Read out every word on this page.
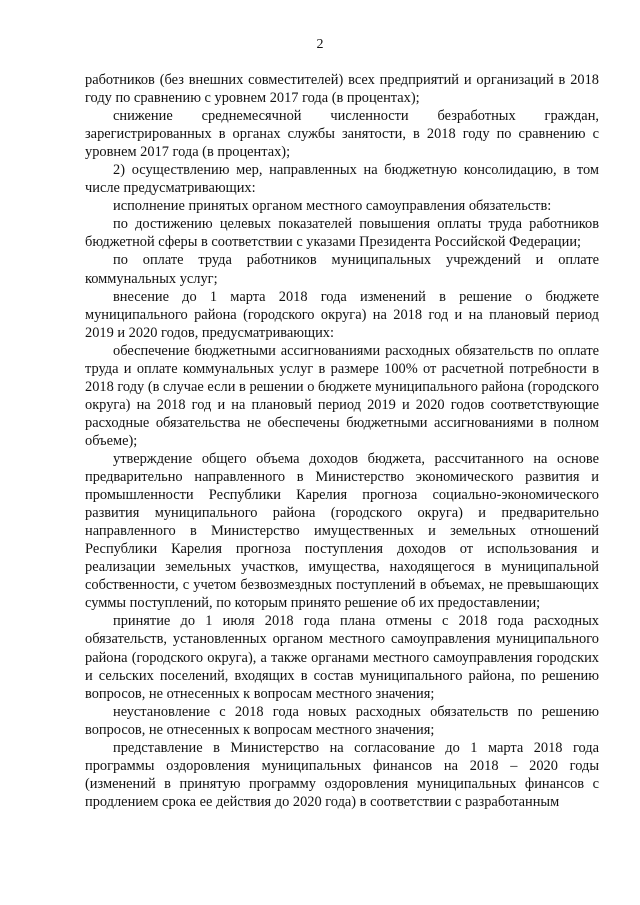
2

работников (без внешних совместителей) всех предприятий и организаций в 2018 году по сравнению с уровнем 2017 года (в процентах);

снижение среднемесячной численности безработных граждан, зарегистрированных в органах службы занятости, в 2018 году по сравнению с уровнем 2017 года (в процентах);

2) осуществлению мер, направленных на бюджетную консолидацию, в том числе предусматривающих:

исполнение принятых органом местного самоуправления обязательств:

по достижению целевых показателей повышения оплаты труда работников бюджетной сферы в соответствии с указами Президента Российской Федерации;

по оплате труда работников муниципальных учреждений и оплате коммунальных услуг;

внесение до 1 марта 2018 года изменений в решение о бюджете муниципального района (городского округа) на 2018 год и на плановый период 2019 и 2020 годов, предусматривающих:

обеспечение бюджетными ассигнованиями расходных обязательств по оплате труда и оплате коммунальных услуг в размере 100% от расчетной потребности в 2018 году (в случае если в решении о бюджете муниципального района (городского округа) на 2018 год и на плановый период 2019 и 2020 годов соответствующие расходные обязательства не обеспечены бюджетными ассигнованиями в полном объеме);

утверждение общего объема доходов бюджета, рассчитанного на основе предварительно направленного в Министерство экономического развития и промышленности Республики Карелия прогноза социально-экономического развития муниципального района (городского округа) и предварительно направленного в Министерство имущественных и земельных отношений Республики Карелия прогноза поступления доходов от использования и реализации земельных участков, имущества, находящегося в муниципальной собственности, с учетом безвозмездных поступлений в объемах, не превышающих суммы поступлений, по которым принято решение об их предоставлении;

принятие до 1 июля 2018 года плана отмены с 2018 года расходных обязательств, установленных органом местного самоуправления муниципального района (городского округа), а также органами местного самоуправления городских и сельских поселений, входящих в состав муниципального района, по решению вопросов, не отнесенных к вопросам местного значения;

неустановление с 2018 года новых расходных обязательств по решению вопросов, не отнесенных к вопросам местного значения;

представление в Министерство на согласование до 1 марта 2018 года программы оздоровления муниципальных финансов на 2018 – 2020 годы (изменений в принятую программу оздоровления муниципальных финансов с продлением срока ее действия до 2020 года) в соответствии с разработанным
